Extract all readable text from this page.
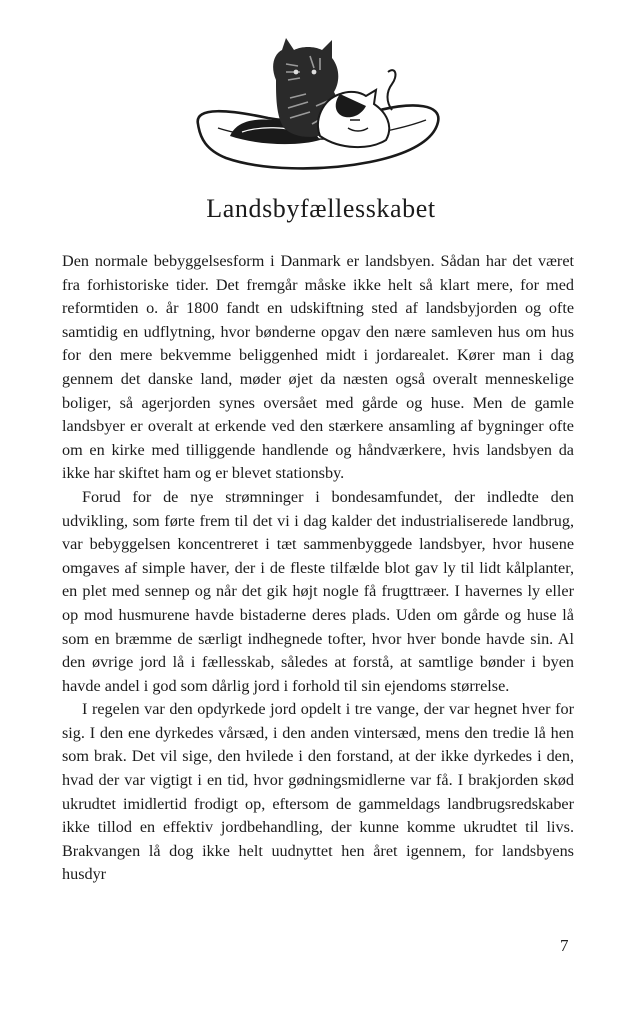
Landsbyfællesskabet

Den normale bebyggelsesform i Danmark er landsbyen. Sådan har det været fra forhistoriske tider. Det fremgår måske ikke helt så klart mere, for med reformtiden o. år 1800 fandt en udskiftning sted af landsbyjorden og ofte samtidig en udflytning, hvor bønderne opgav den nære samleven hus om hus for den mere bekvemme beliggenhed midt i jordarealet. Kører man i dag gennem det danske land, møder øjet da næsten også overalt menneskelige boliger, så agerjorden synes oversået med gårde og huse. Men de gamle landsbyer er overalt at erkende ved den stærkere ansamling af bygninger ofte om en kirke med tilliggende handlende og håndværkere, hvis landsbyen da ikke har skiftet ham og er blevet stationsby.

Forud for de nye strømninger i bondesamfundet, der indledte den udvikling, som førte frem til det vi i dag kalder det industrialiserede landbrug, var bebyggelsen koncentreret i tæt sammenbyggede landsbyer, hvor husene omgaves af simple haver, der i de fleste tilfælde blot gav ly til lidt kålplanter, en plet med sennep og når det gik højt nogle få frugttræer. I havernes ly eller op mod husmurene havde bistaderne deres plads. Uden om gårde og huse lå som en bræmme de særligt indhegnede tofter, hvor hver bonde havde sin. Al den øvrige jord lå i fællesskab, således at forstå, at samtlige bønder i byen havde andel i god som dårlig jord i forhold til sin ejendoms størrelse.

I regelen var den opdyrkede jord opdelt i tre vange, der var hegnet hver for sig. I den ene dyrkedes vårsæd, i den anden vintersæd, mens den tredie lå hen som brak. Det vil sige, den hvilede i den forstand, at der ikke dyrkedes i den, hvad der var vigtigt i en tid, hvor gødningsmidlerne var få. I brakjorden skød ukrudtet imidlertid frodigt op, eftersom de gammeldags landbrugsredskaber ikke tillod en effektiv jordbehandling, der kunne komme ukrudtet til livs. Brakvangen lå dog ikke helt uudnyttet hen året igennem, for landsbyens husdyr

7
